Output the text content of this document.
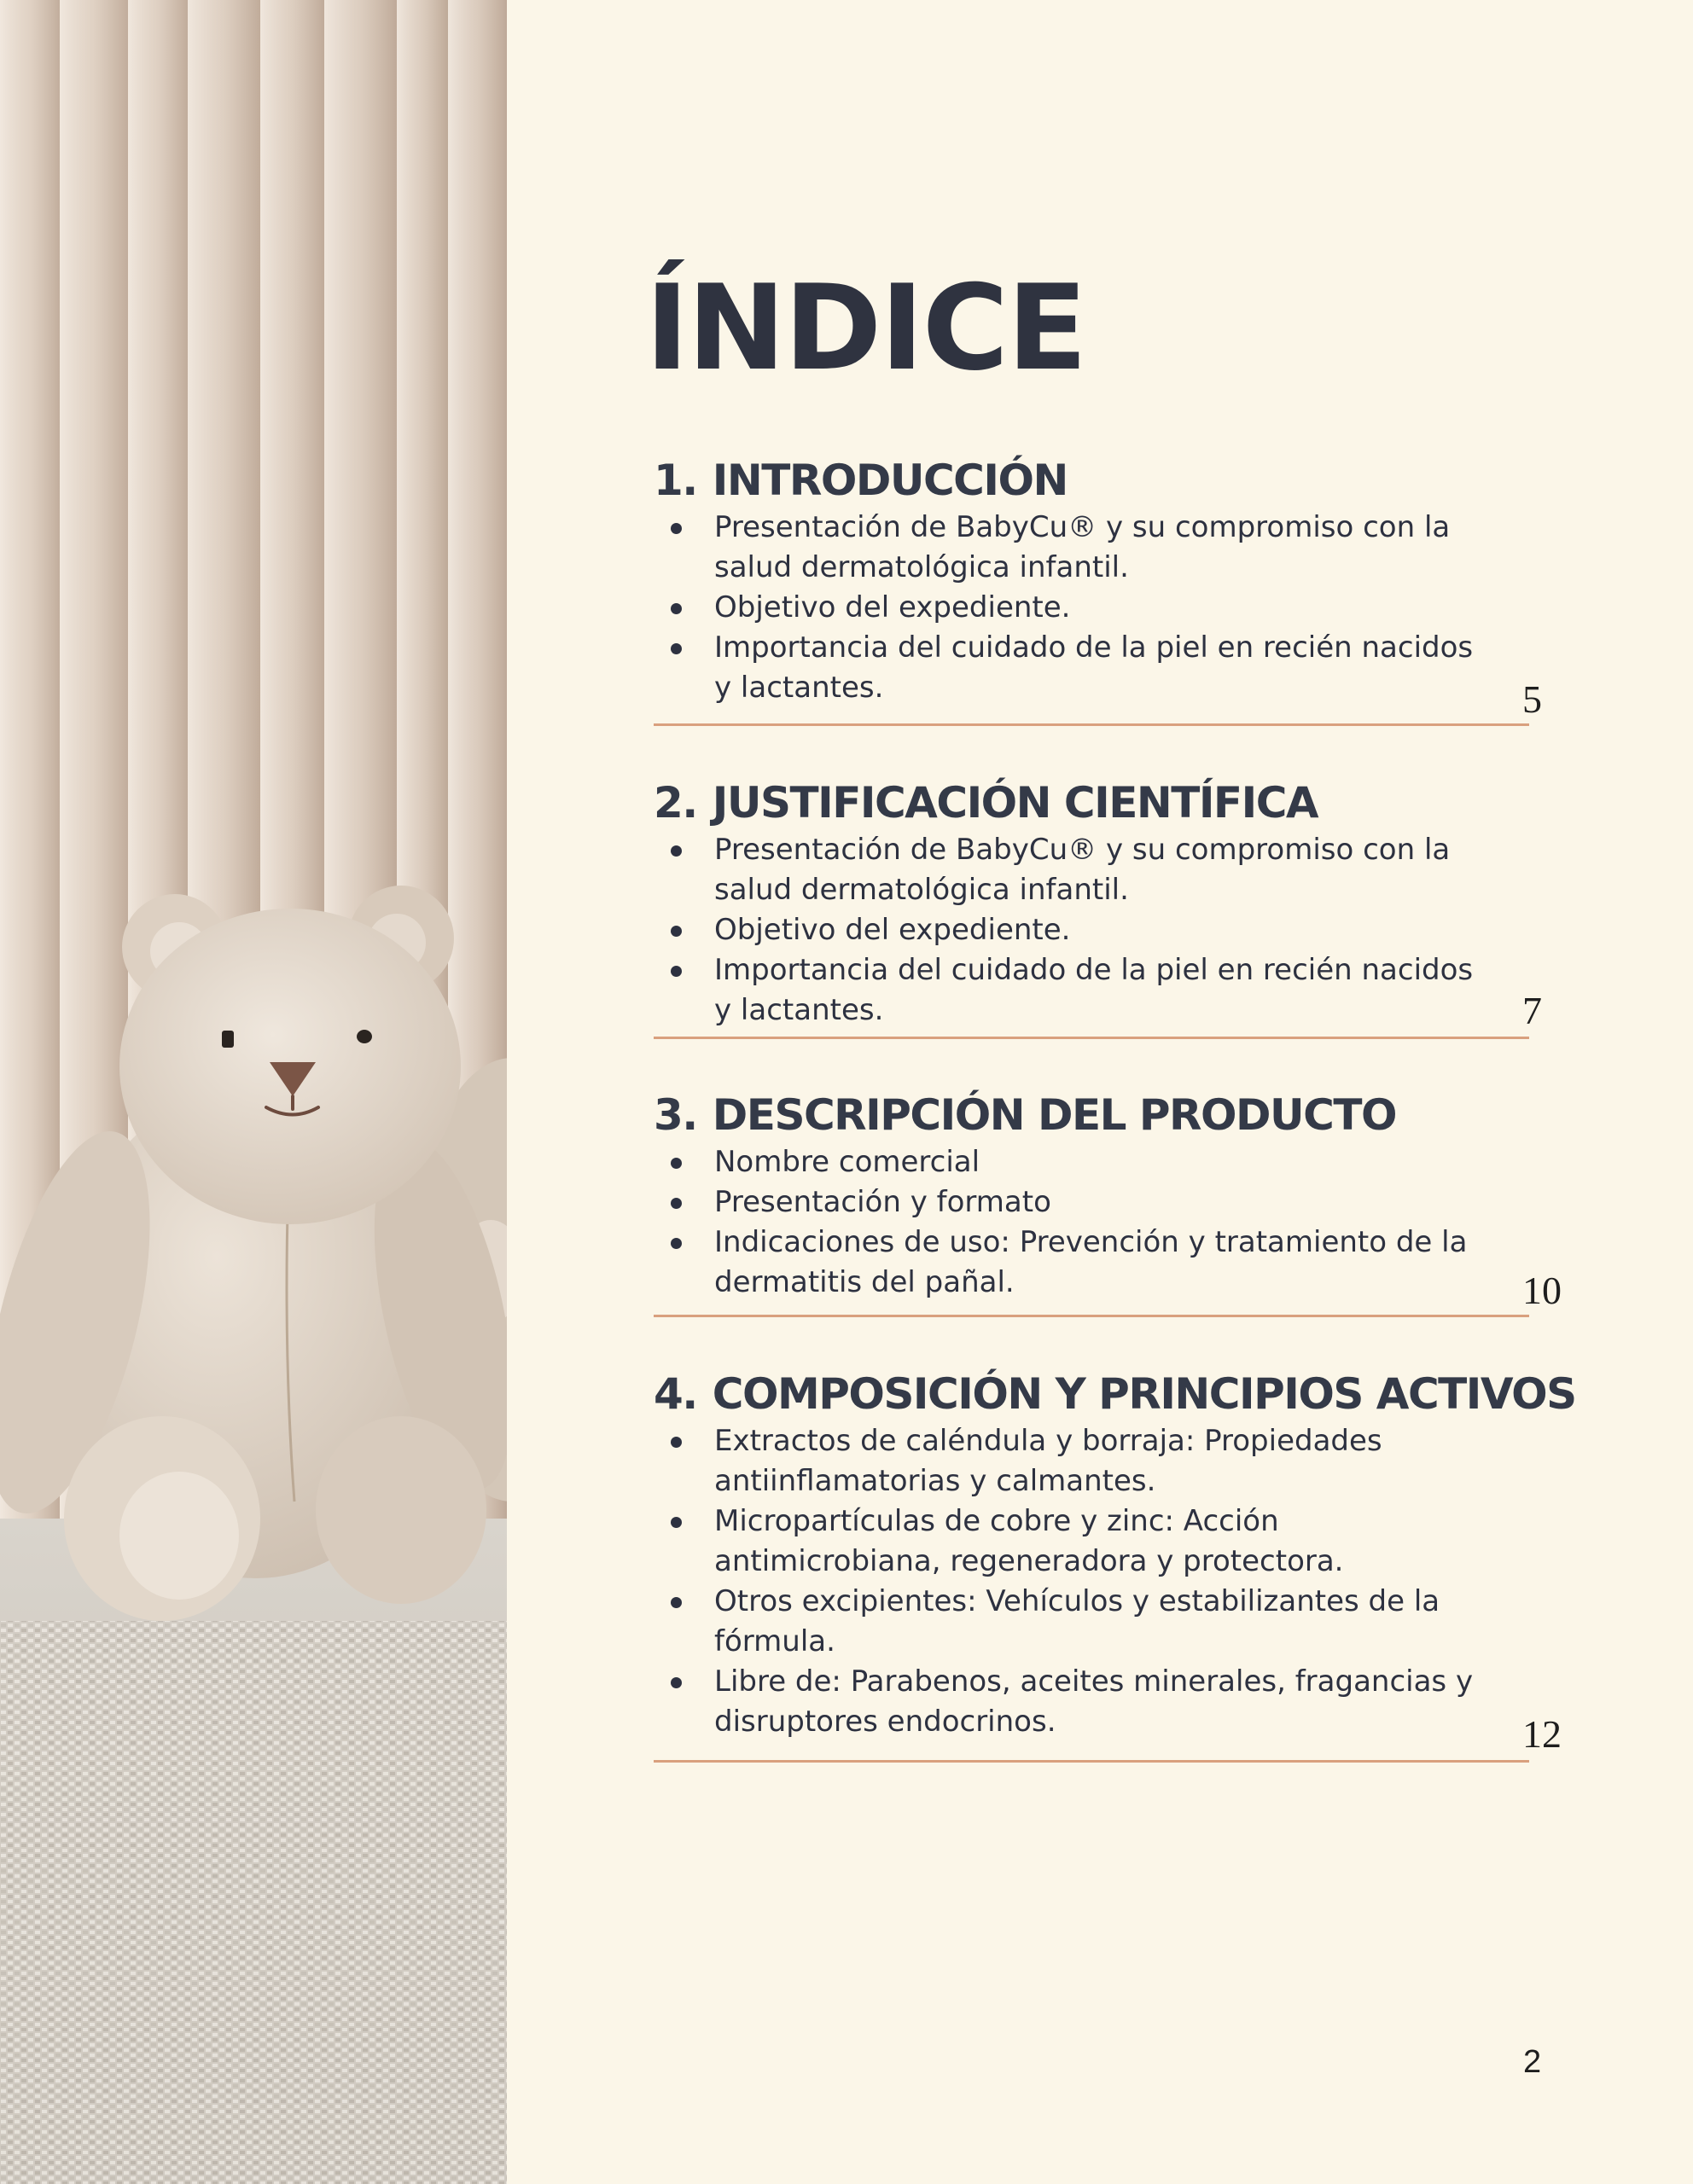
ÍNDICE
1. INTRODUCCIÓN
Presentación de BabyCu® y su compromiso con la salud dermatológica infantil.
Objetivo del expediente.
Importancia del cuidado de la piel en recién nacidos y lactantes.	5
2. JUSTIFICACIÓN CIENTÍFICA
Presentación de BabyCu® y su compromiso con la salud dermatológica infantil.
Objetivo del expediente.
Importancia del cuidado de la piel en recién nacidos y lactantes.	7
3. DESCRIPCIÓN DEL PRODUCTO
Nombre comercial
Presentación y formato
Indicaciones de uso: Prevención y tratamiento de la dermatitis del pañal.	10
4. COMPOSICIÓN Y PRINCIPIOS ACTIVOS
Extractos de caléndula y borraja: Propiedades antiinflamatorias y calmantes.
Micropartículas de cobre y zinc: Acción antimicrobiana, regeneradora y protectora.
Otros excipientes: Vehículos y estabilizantes de la fórmula.
Libre de: Parabenos, aceites minerales, fragancias y disruptores endocrinos.	12
2
